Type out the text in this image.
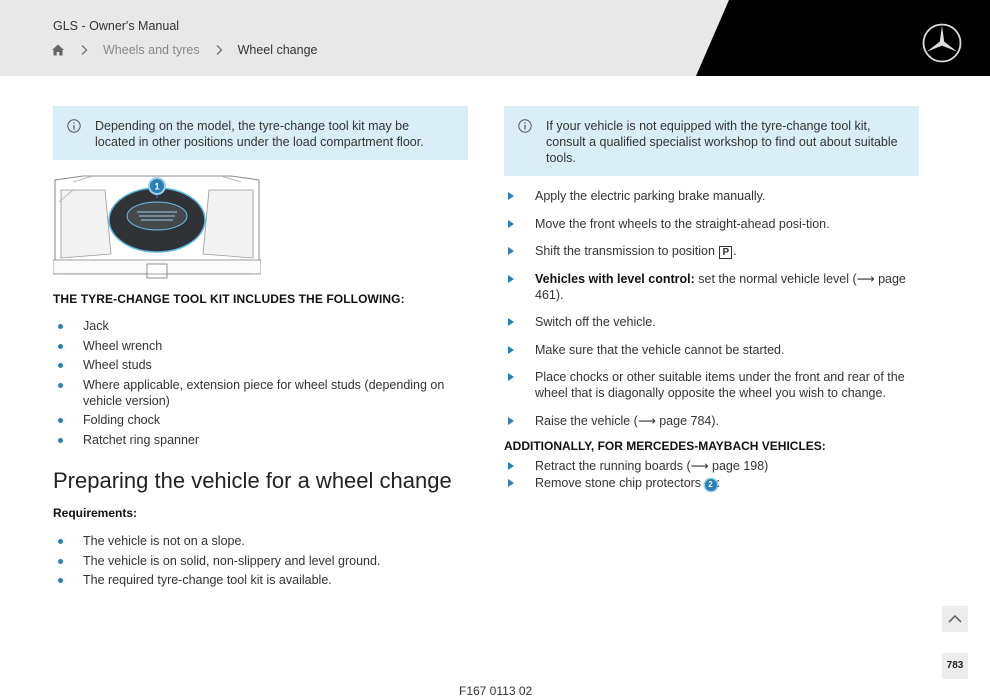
GLS - Owner's Manual
Wheels and tyres	Wheel change
Depending on the model, the tyre-change tool kit may be located in other positions under the load compartment floor.
1
THE TYRE-CHANGE TOOL KIT INCLUDES THE FOLLOWING:
Jack
Wheel wrench
Wheel studs
Where applicable, extension piece for wheel studs (depending on vehicle version)
Folding chock
Ratchet ring spanner
Preparing the vehicle for a wheel change
Requirements:
The vehicle is not on a slope.
The vehicle is on solid, non-slippery and level ground.
The required tyre-change tool kit is available.
If your vehicle is not equipped with the tyre-change tool kit, consult a qualified specialist workshop to find out about suitable tools.
Apply the electric parking brake manually.
Move the front wheels to the straight-ahead posi-tion.
Shift the transmission to position P .
Vehicles with level control: set the normal vehicle level (⟶ page 461).
Switch off the vehicle.
Make sure that the vehicle cannot be started.
Place chocks or other suitable items under the front and rear of the wheel that is diagonally opposite the wheel you wish to change.
Raise the vehicle (⟶ page 784).
ADDITIONALLY, FOR MERCEDES-MAYBACH VEHICLES:
Retract the running boards (⟶ page 198)
Remove stone chip protectors 2 :
783
F167 0113 02
